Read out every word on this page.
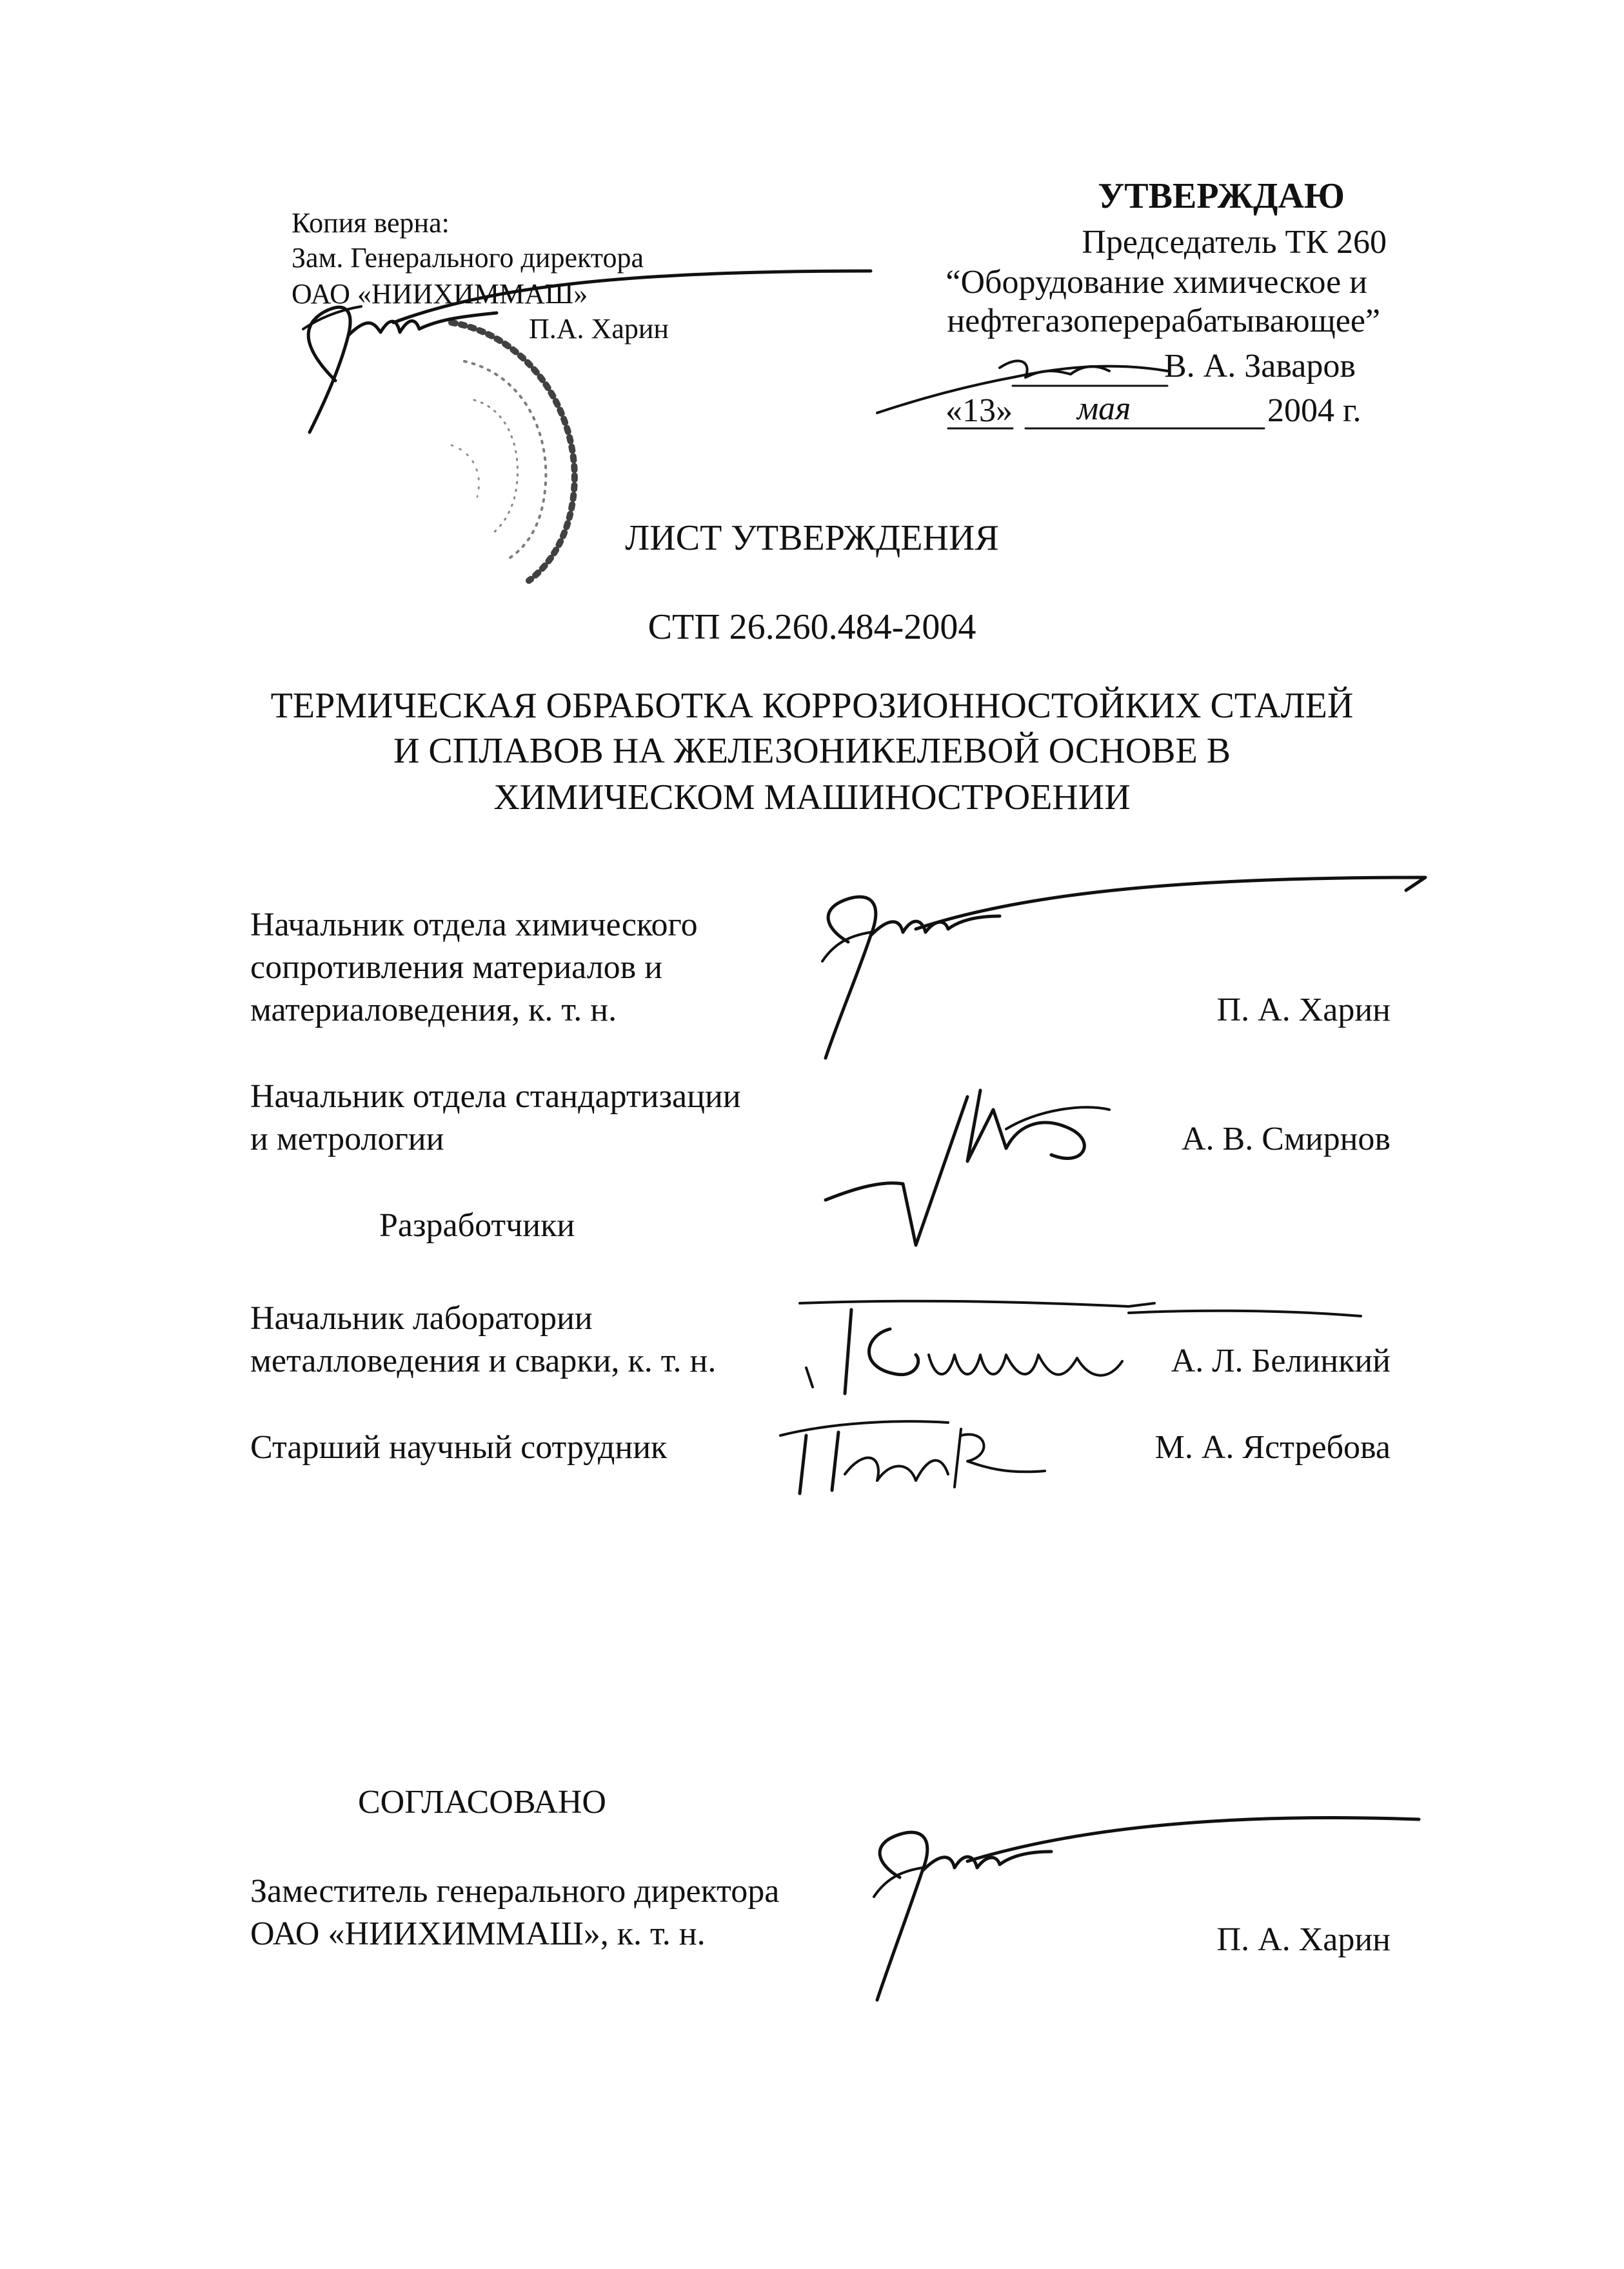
Копия верна:
Зам. Генерального директора
ОАО «НИИХИММАШ»
П.А. Харин
УТВЕРЖДАЮ
Председатель ТК 260
“Оборудование химическое и
нефтегазоперерабатывающее”
В. А. Заваров
«13» мая	2004 г.
ЛИСТ УТВЕРЖДЕНИЯ
СТП 26.260.484-2004
ТЕРМИЧЕСКАЯ ОБРАБОТКА КОРРОЗИОННОСТОЙКИХ СТАЛЕЙ
И СПЛАВОВ НА ЖЕЛЕЗОНИКЕЛЕВОЙ ОСНОВЕ В
ХИМИЧЕСКОМ МАШИНОСТРОЕНИИ
Начальник отдела химического
сопротивления материалов и
материаловедения, к. т. н.	П. А. Харин
Начальник отдела стандартизации
и метрологии	А. В. Смирнов
Разработчики
Начальник лаборатории
металловедения и сварки, к. т. н.	А. Л. Белинкий
Старший научный сотрудник	М. А. Ястребова
СОГЛАСОВАНО
Заместитель генерального директора
ОАО «НИИХИММАШ», к. т. н.	П. А. Харин
